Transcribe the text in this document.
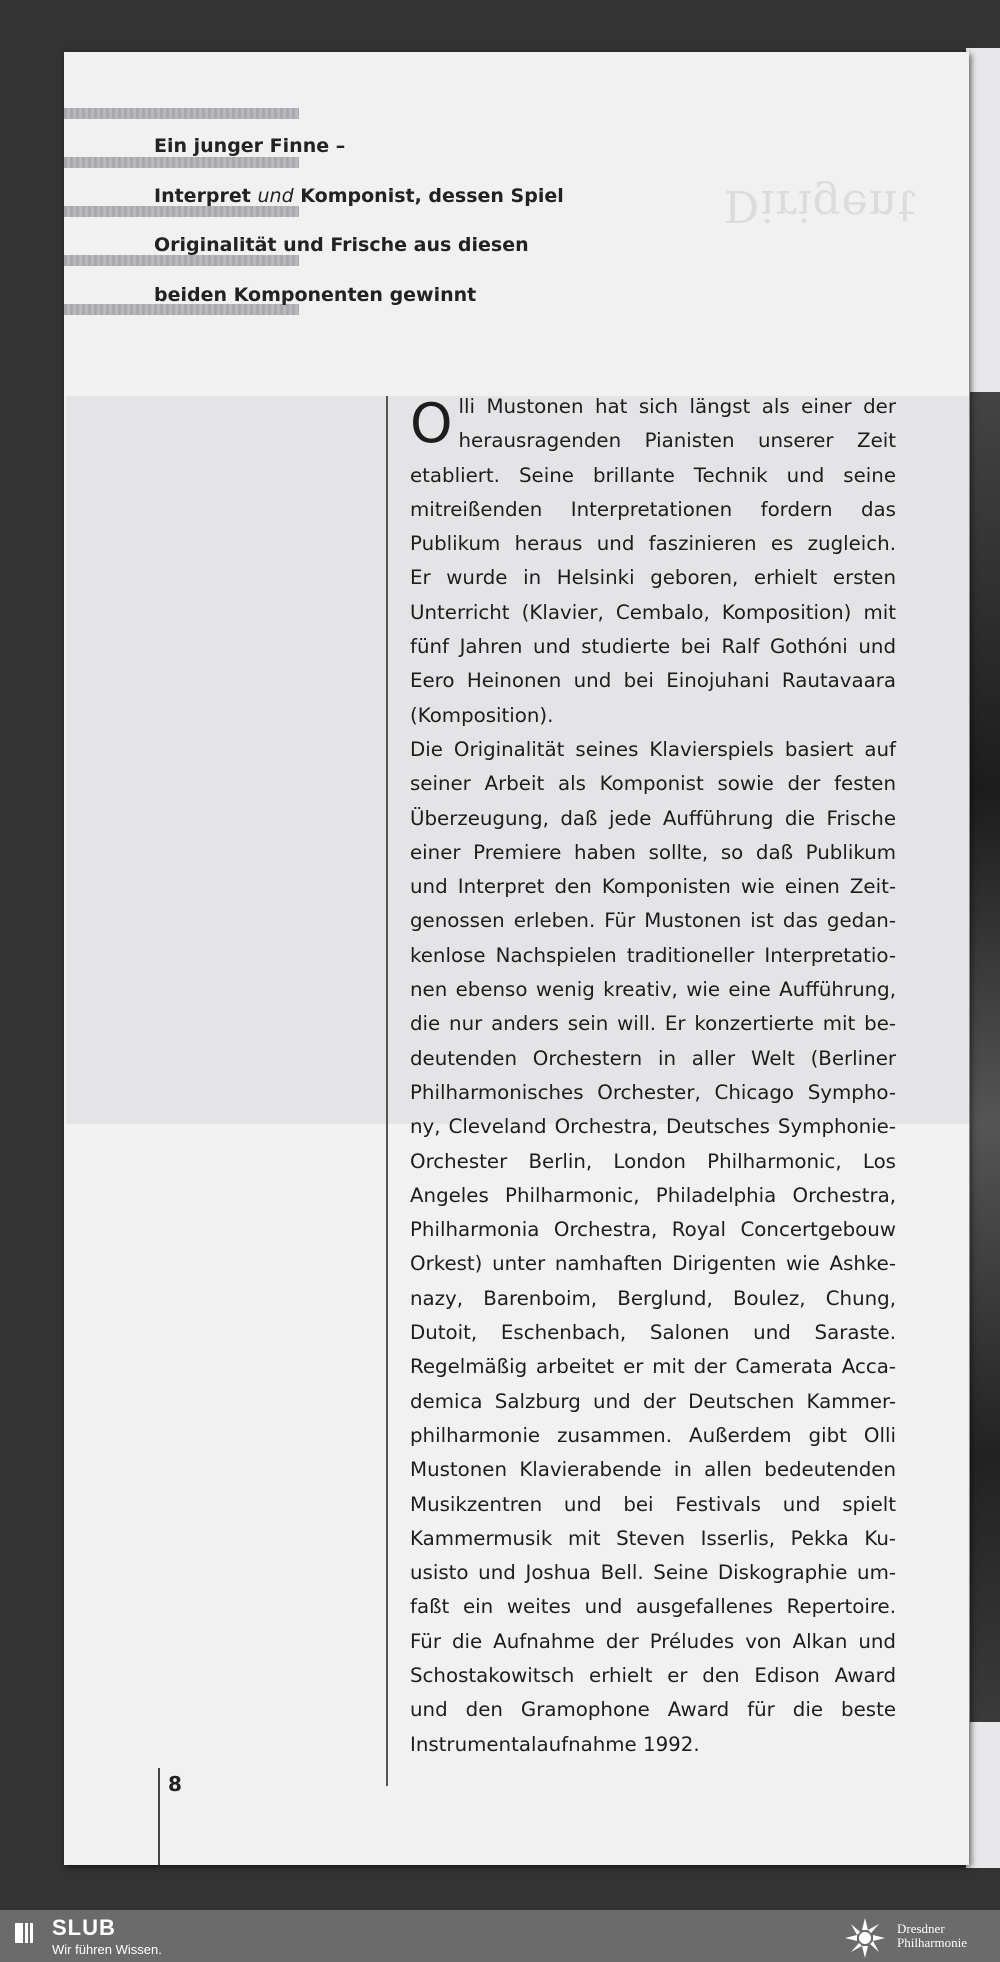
Dirigent
Ein junger Finne –
Interpret und Komponist, dessen Spiel
Originalität und Frische aus diesen
beiden Komponenten gewinnt
O lli Mustonen hat sich längst als einer der
herausragenden Pianisten unserer Zeit
etabliert. Seine brillante Technik und seine
mitreißenden Interpretationen fordern das
Publikum heraus und faszinieren es zugleich.
Er wurde in Helsinki geboren, erhielt ersten
Unterricht (Klavier, Cembalo, Komposition) mit
fünf Jahren und studierte bei Ralf Gothóni und
Eero Heinonen und bei Einojuhani Rautavaara
(Komposition).
Die Originalität seines Klavierspiels basiert auf
seiner Arbeit als Komponist sowie der festen
Überzeugung, daß jede Aufführung die Frische
einer Premiere haben sollte, so daß Publikum
und Interpret den Komponisten wie einen Zeit-
genossen erleben. Für Mustonen ist das gedan-
kenlose Nachspielen traditioneller Interpretatio-
nen ebenso wenig kreativ, wie eine Aufführung,
die nur anders sein will. Er konzertierte mit be-
deutenden Orchestern in aller Welt (Berliner
Philharmonisches Orchester, Chicago Sympho-
ny, Cleveland Orchestra, Deutsches Symphonie-
Orchester Berlin, London Philharmonic, Los
Angeles Philharmonic, Philadelphia Orchestra,
Philharmonia Orchestra, Royal Concertgebouw
Orkest) unter namhaften Dirigenten wie Ashke-
nazy, Barenboim, Berglund, Boulez, Chung,
Dutoit, Eschenbach, Salonen und Saraste.
Regelmäßig arbeitet er mit der Camerata Acca-
demica Salzburg und der Deutschen Kammer-
philharmonie zusammen. Außerdem gibt Olli
Mustonen Klavierabende in allen bedeutenden
Musikzentren und bei Festivals und spielt
Kammermusik mit Steven Isserlis, Pekka Ku-
usisto und Joshua Bell. Seine Diskographie um-
faßt ein weites und ausgefallenes Repertoire.
Für die Aufnahme der Préludes von Alkan und
Schostakowitsch erhielt er den Edison Award
und den Gramophone Award für die beste
Instrumentalaufnahme 1992.
8
SLUB
Wir führen Wissen.
Dresdner
Philharmonie
